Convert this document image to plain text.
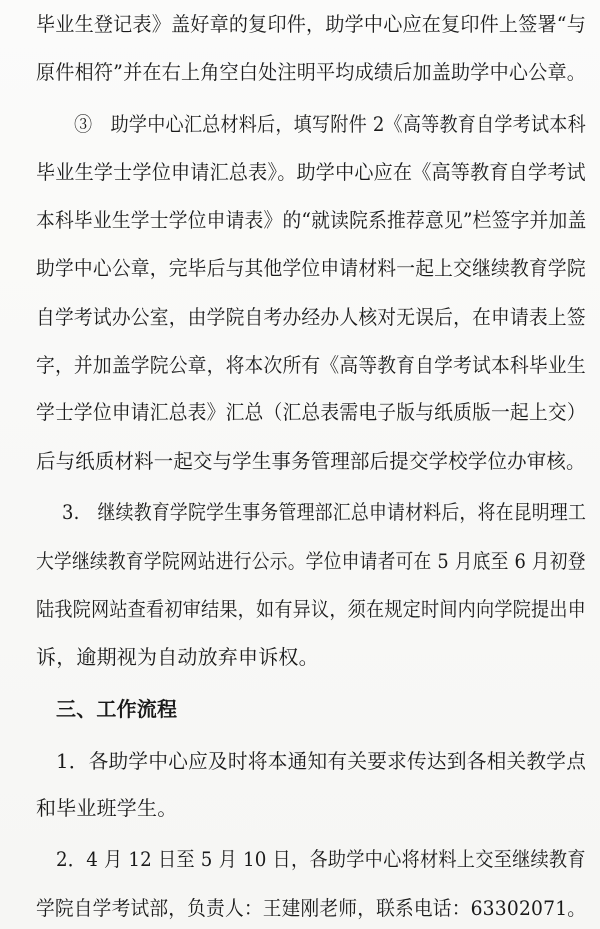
毕业生登记表》盖好章的复印件，助学中心应在复印件上签署“与
原件相符”并在右上角空白处注明平均成绩后加盖助学中心公章。
③　助学中心汇总材料后，填写附件 2《高等教育自学考试本科
毕业生学士学位申请汇总表》。助学中心应在《高等教育自学考试
本科毕业生学士学位申请表》的“就读院系推荐意见”栏签字并加盖
助学中心公章，完毕后与其他学位申请材料一起上交继续教育学院
自学考试办公室，由学院自考办经办人核对无误后，在申请表上签
字，并加盖学院公章，将本次所有《高等教育自学考试本科毕业生
学士学位申请汇总表》汇总（汇总表需电子版与纸质版一起上交）
后与纸质材料一起交与学生事务管理部后提交学校学位办审核。
3.　继续教育学院学生事务管理部汇总申请材料后，将在昆明理工
大学继续教育学院网站进行公示。学位申请者可在 5 月底至 6 月初登
陆我院网站查看初审结果，如有异议，须在规定时间内向学院提出申
诉，逾期视为自动放弃申诉权。
三、工作流程
1．各助学中心应及时将本通知有关要求传达到各相关教学点
和毕业班学生。
2．4 月 12 日至 5 月 10 日，各助学中心将材料上交至继续教育
学院自学考试部，负责人：王建刚老师，联系电话：63302071。
